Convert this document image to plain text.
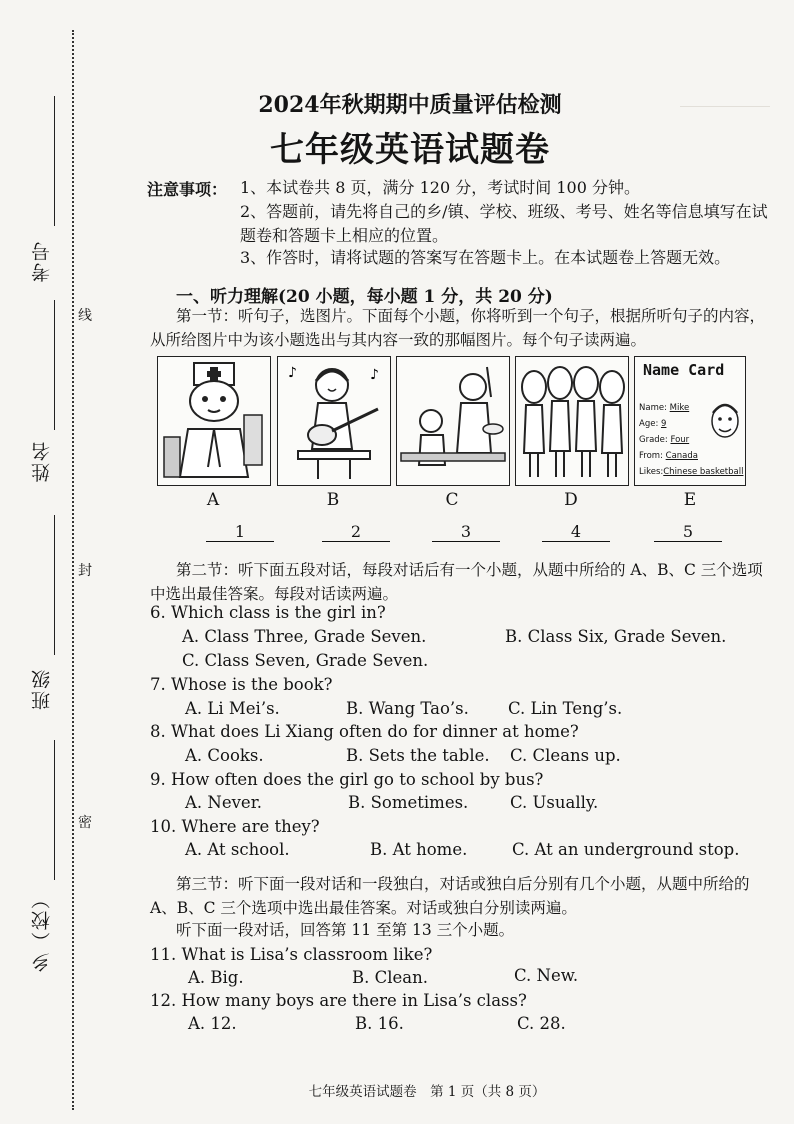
考号
姓名
班级
乡（校）
线
封
密
2024年秋期期中质量评估检测
七年级英语试题卷
注意事项： 1、本试卷共 8 页，满分 120 分，考试时间 100 分钟。
2、答题前，请先将自己的乡/镇、学校、班级、考号、姓名等信息填写在试题卷和答题卡上相应的位置。
3、作答时，请将试题的答案写在答题卡上。在本试题卷上答题无效。
一、听力理解(20 小题，每小题 1 分，共 20 分)
第一节：听句子，选图片。下面每个小题，你将听到一个句子，根据所听句子的内容，从所给图片中为该小题选出与其内容一致的那幅图片。每个句子读两遍。
♪	♪	Name Card
Name: Mike
Age: 9
Grade: Four
From: Canada
Likes:Chinese basketball
A	B	C	D	E
1	2	3	4	5
第二节：听下面五段对话，每段对话后有一个小题，从题中所给的 A、B、C 三个选项中选出最佳答案。每段对话读两遍。
6. Which class is the girl in?
A. Class Three, Grade Seven.	B. Class Six, Grade Seven.
C. Class Seven, Grade Seven.
7. Whose is the book?
A. Li Mei’s.	B. Wang Tao’s. C. Lin Teng’s.
8. What does Li Xiang often do for dinner at home?
A. Cooks.	B. Sets the table. C. Cleans up.
9. How often does the girl go to school by bus?
A. Never.	B. Sometimes.	C. Usually.
10. Where are they?
A. At school.	B. At home.	C. At an underground stop.
第三节：听下面一段对话和一段独白，对话或独白后分别有几个小题，从题中所给的 A、B、C 三个选项中选出最佳答案。对话或独白分别读两遍。
听下面一段对话，回答第 11 至第 13 三个小题。
11. What is Lisa’s classroom like?
A. Big.	B. Clean.	C. New.
12. How many boys are there in Lisa’s class?
A. 12.	B. 16.	C. 28.
七年级英语试题卷　第 1 页（共 8 页）
